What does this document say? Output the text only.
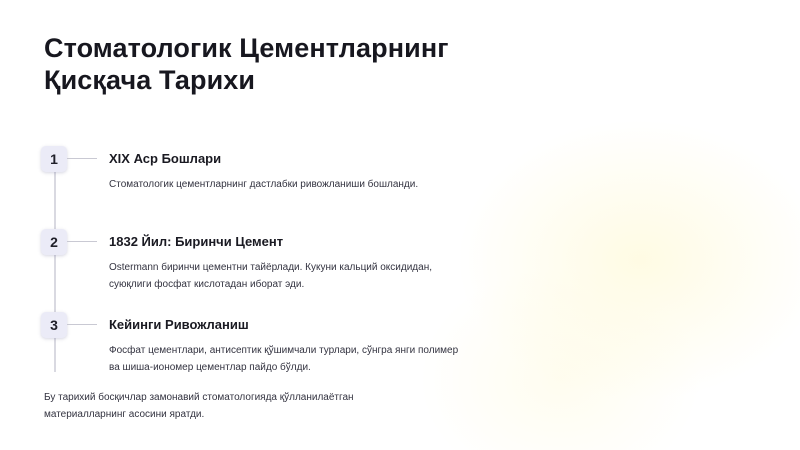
Стоматологик Цементларнинг Қисқача Тарихи
1	XIX Аср Бошлари

Стоматологик цементларнинг дастлабки ривожланиши бошланди.

2	1832 Йил: Биринчи Цемент

Ostermann биринчи цементни тайёрлади. Кукуни кальций оксидидан, суюқлиги фосфат кислотадан иборат эди.

3	Кейинги Ривожланиш

Фосфат цементлари, антисептик қўшимчали турлари, сўнгра янги полимер ва шиша-иономер цементлар пайдо бўлди.

Бу тарихий босқичлар замонавий стоматологияда қўлланилаётган материалларнинг асосини яратди.
